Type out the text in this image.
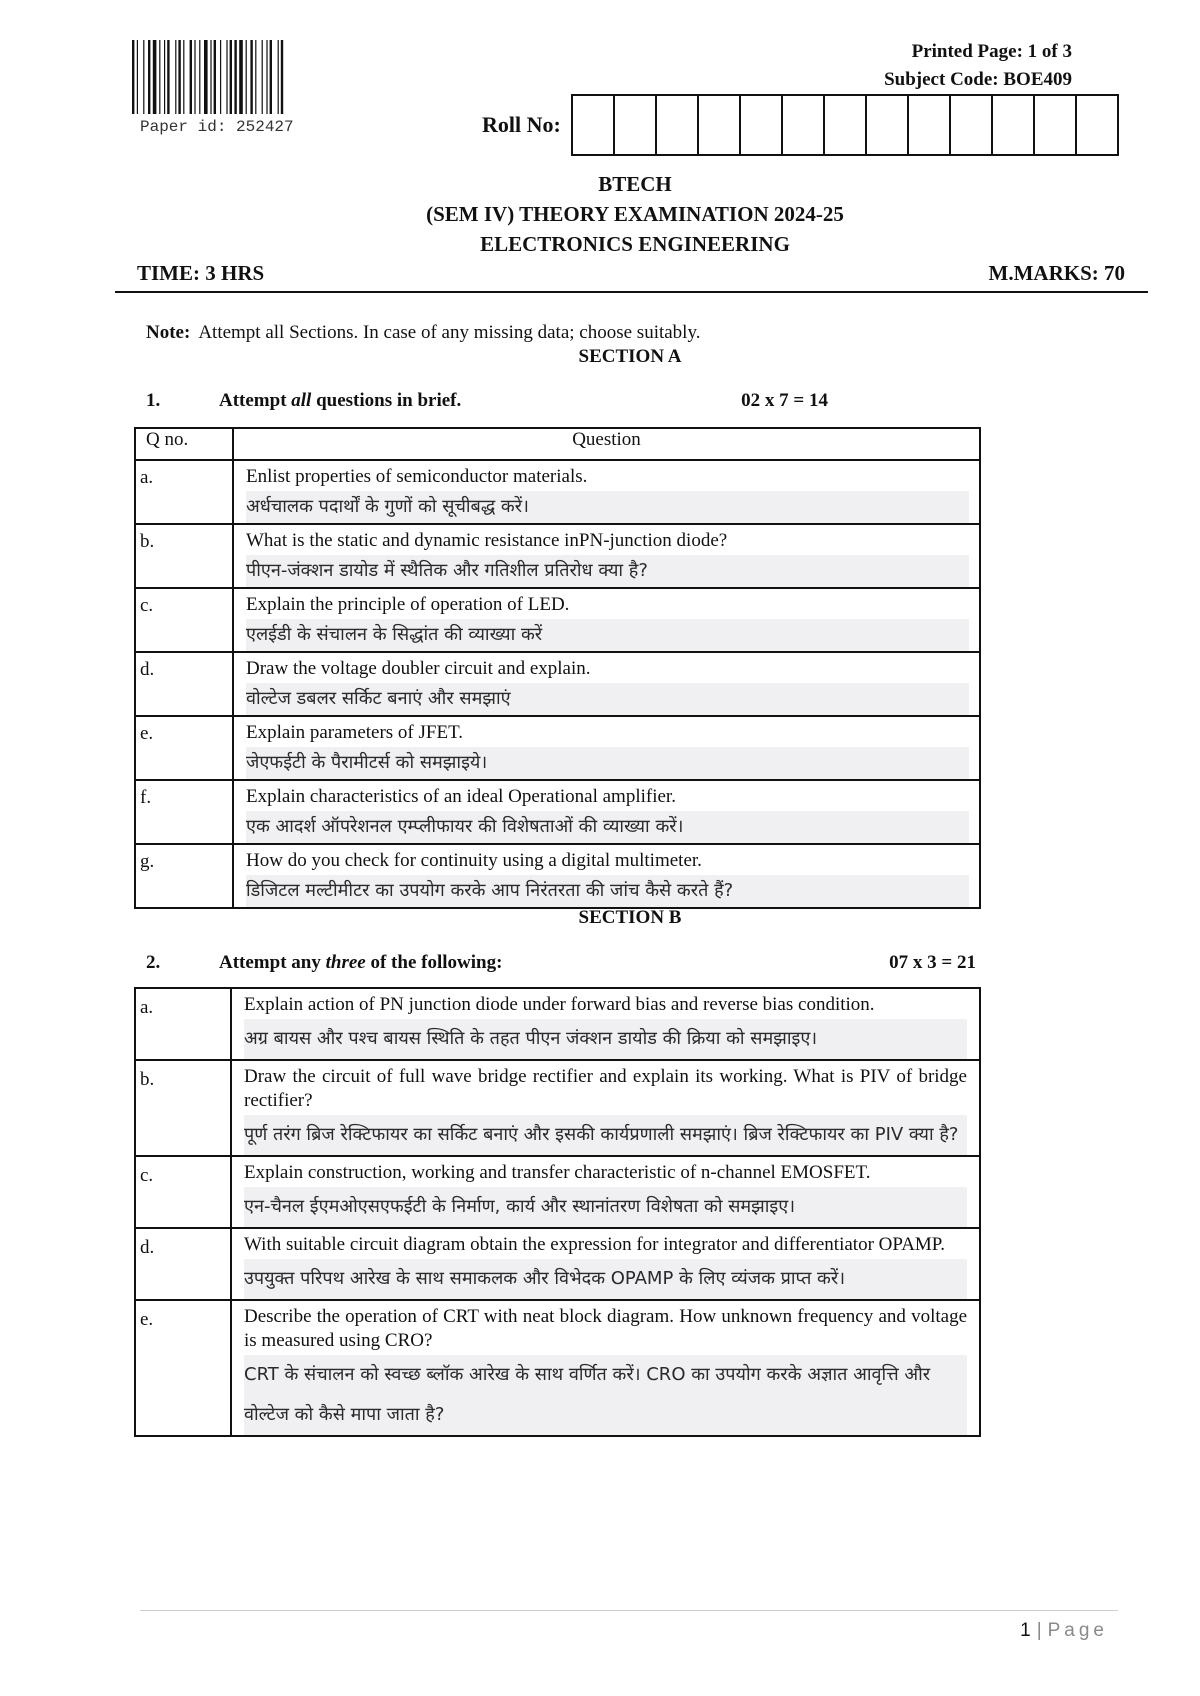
Paper id: 252427
Printed Page: 1 of 3
Subject Code: BOE409
Roll No:
BTECH
(SEM IV) THEORY EXAMINATION 2024-25
ELECTRONICS ENGINEERING
TIME: 3 HRS	M.MARKS: 70
Note: Attempt all Sections. In case of any missing data; choose suitably.
SECTION A
1.	Attempt all questions in brief.	02 x 7 = 14
Q no.	Question
a.	Enlist properties of semiconductor materials.
अर्धचालक पदार्थों के गुणों को सूचीबद्ध करें।

b.	What is the static and dynamic resistance inPN-junction diode?
पीएन-जंक्शन डायोड में स्थैतिक और गतिशील प्रतिरोध क्या है?

c.	Explain the principle of operation of LED.
एलईडी के संचालन के सिद्धांत की व्याख्या करें

d.	Draw the voltage doubler circuit and explain.
वोल्टेज डबलर सर्किट बनाएं और समझाएं

e.	Explain parameters of JFET.
जेएफईटी के पैरामीटर्स को समझाइये।

f.	Explain characteristics of an ideal Operational amplifier.
एक आदर्श ऑपरेशनल एम्प्लीफायर की विशेषताओं की व्याख्या करें।

g.	How do you check for continuity using a digital multimeter.
डिजिटल मल्टीमीटर का उपयोग करके आप निरंतरता की जांच कैसे करते हैं?
SECTION B
2.	Attempt any three of the following:	07 x 3 = 21
a.	Explain action of PN junction diode under forward bias and reverse bias condition.
अग्र बायस और पश्च बायस स्थिति के तहत पीएन जंक्शन डायोड की क्रिया को समझाइए।

b.	Draw the circuit of full wave bridge rectifier and explain its working. What is PIV of bridge rectifier?
पूर्ण तरंग ब्रिज रेक्टिफायर का सर्किट बनाएं और इसकी कार्यप्रणाली समझाएं। ब्रिज रेक्टिफायर का PIV क्या है?

c.	Explain construction, working and transfer characteristic of n-channel EMOSFET.
एन-चैनल ईएमओएसएफईटी के निर्माण, कार्य और स्थानांतरण विशेषता को समझाइए।

d.	With suitable circuit diagram obtain the expression for integrator and differentiator OPAMP.
उपयुक्त परिपथ आरेख के साथ समाकलक और विभेदक OPAMP के लिए व्यंजक प्राप्त करें।

e.	Describe the operation of CRT with neat block diagram. How unknown frequency and voltage is measured using CRO?
CRT के संचालन को स्वच्छ ब्लॉक आरेख के साथ वर्णित करें। CRO का उपयोग करके अज्ञात आवृत्ति और वोल्टेज को कैसे मापा जाता है?
1 | Page
